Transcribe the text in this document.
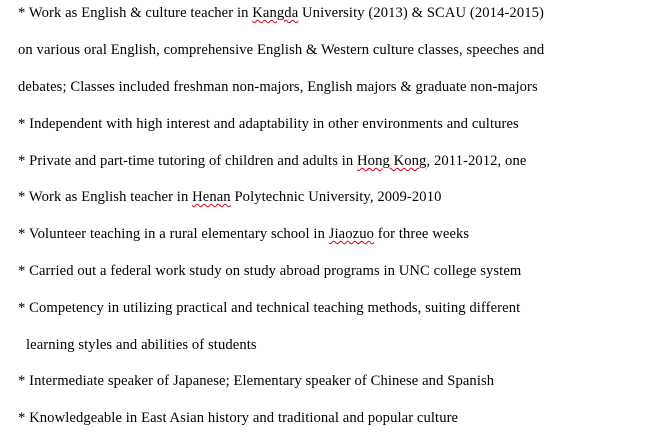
* Work as English & culture teacher in Kangda University (2013) & SCAU (2014-2015)
on various oral English, comprehensive English & Western culture classes, speeches and
debates; Classes included freshman non-majors, English majors & graduate non-majors
* Independent with high interest and adaptability in other environments and cultures
* Private and part-time tutoring of children and adults in Hong Kong, 2011-2012, one
* Work as English teacher in Henan Polytechnic University, 2009-2010
* Volunteer teaching in a rural elementary school in Jiaozuo for three weeks
* Carried out a federal work study on study abroad programs in UNC college system
* Competency in utilizing practical and technical teaching methods, suiting different
learning styles and abilities of students
* Intermediate speaker of Japanese; Elementary speaker of Chinese and Spanish
* Knowledgeable in East Asian history and traditional and popular culture
